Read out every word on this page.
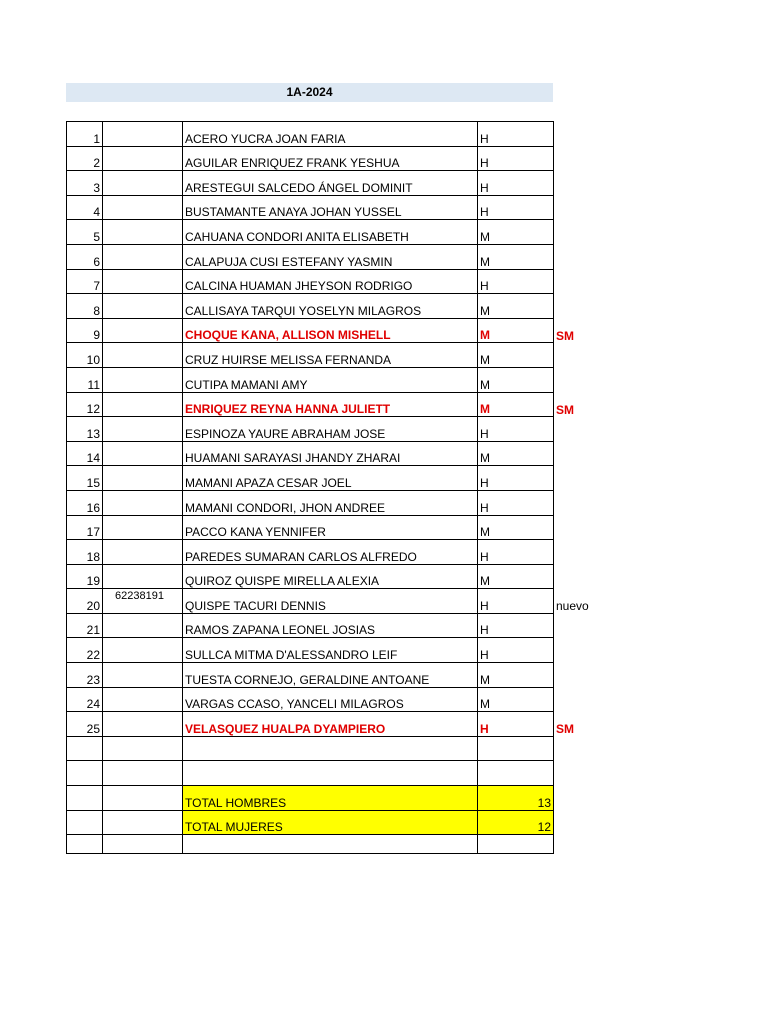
1A-2024
1		ACERO YUCRA JOAN FARIA	H	
2		AGUILAR ENRIQUEZ FRANK YESHUA	H	
3		ARESTEGUI SALCEDO ÁNGEL DOMINIT	H	
4		BUSTAMANTE ANAYA JOHAN YUSSEL	H	
5		CAHUANA CONDORI ANITA ELISABETH	M	
6		CALAPUJA CUSI ESTEFANY YASMIN	M	
7		CALCINA HUAMAN JHEYSON RODRIGO	H	
8		CALLISAYA TARQUI YOSELYN MILAGROS	M	
9		CHOQUE KANA, ALLISON MISHELL	M	SM
10		CRUZ HUIRSE MELISSA FERNANDA	M	
11		CUTIPA MAMANI AMY	M	
12		ENRIQUEZ REYNA HANNA JULIETT	M	SM
13		ESPINOZA YAURE ABRAHAM JOSE	H	
14		HUAMANI SARAYASI JHANDY ZHARAI	M	
15		MAMANI APAZA CESAR JOEL	H	
16		MAMANI CONDORI, JHON ANDREE	H	
17		PACCO KANA YENNIFER	M	
18		PAREDES SUMARAN CARLOS ALFREDO	H	
19		QUIROZ QUISPE MIRELLA ALEXIA	M	
20	62238191	QUISPE TACURI DENNIS	H	nuevo
21		RAMOS ZAPANA LEONEL JOSIAS	H	
22		SULLCA MITMA D'ALESSANDRO LEIF	H	
23		TUESTA CORNEJO, GERALDINE ANTOANE	M	
24		VARGAS CCASO, YANCELI MILAGROS	M	
25		VELASQUEZ HUALPA DYAMPIERO	H	SM

		TOTAL HOMBRES	13	
		TOTAL MUJERES	12	
